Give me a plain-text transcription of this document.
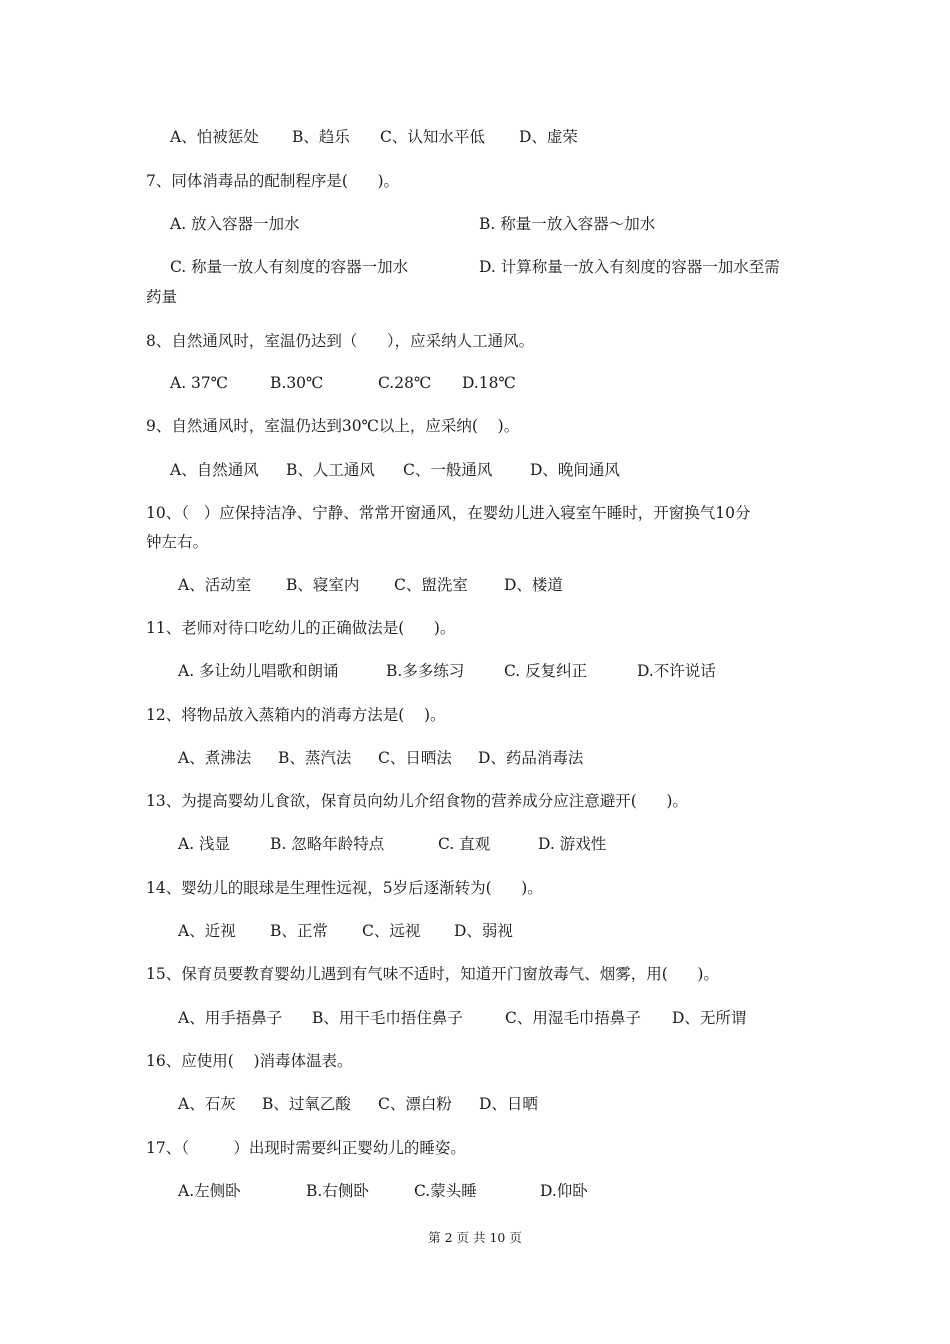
A、怕被惩处 B、趋乐 C、认知水平低 D、虚荣
7、同体消毒品的配制程序是(      )。
A. 放入容器一加水	B. 称量一放入容器～加水
C. 称量一放人有刻度的容器一加水	D. 计算称量一放入有刻度的容器一加水至需
药量
8、自然通风时，室温仍达到（      ），应采纳人工通风。
A. 37℃	B.30℃	C.28℃ D.18℃
9、自然通风时，室温仍达到30℃以上，应采纳(    )。
A、自然通风 B、人工通风 C、一般通风 D、晚间通风
10、（   ）应保持洁净、宁静、常常开窗通风，在婴幼儿进入寝室午睡时，开窗换气10分
钟左右。
A、活动室 B、寝室内 C、盥洗室 D、楼道
11、老师对待口吃幼儿的正确做法是(      )。
A. 多让幼儿唱歌和朗诵	B.多多练习	C. 反复纠正	D.不许说话
12、将物品放入蒸箱内的消毒方法是(    )。
A、煮沸法 B、蒸汽法 C、日晒法 D、药品消毒法
13、为提高婴幼儿食欲，保育员向幼儿介绍食物的营养成分应注意避开(      )。
A. 浅显	B. 忽略年龄特点	C. 直观	D. 游戏性
14、婴幼儿的眼球是生理性远视，5岁后逐渐转为(      )。
A、近视 B、正常 C、远视 D、弱视
15、保育员要教育婴幼儿遇到有气味不适时，知道开门窗放毒气、烟雾，用(      )。
A、用手捂鼻子 B、用干毛巾捂住鼻子	C、用湿毛巾捂鼻子 D、无所谓
16、应使用(    )消毒体温表。
A、石灰 B、过氧乙酸 C、漂白粉 D、日晒
17、（         ）出现时需要纠正婴幼儿的睡姿。
A.左侧卧	B.右侧卧	C.蒙头睡	D.仰卧
第 2 页 共 10 页
